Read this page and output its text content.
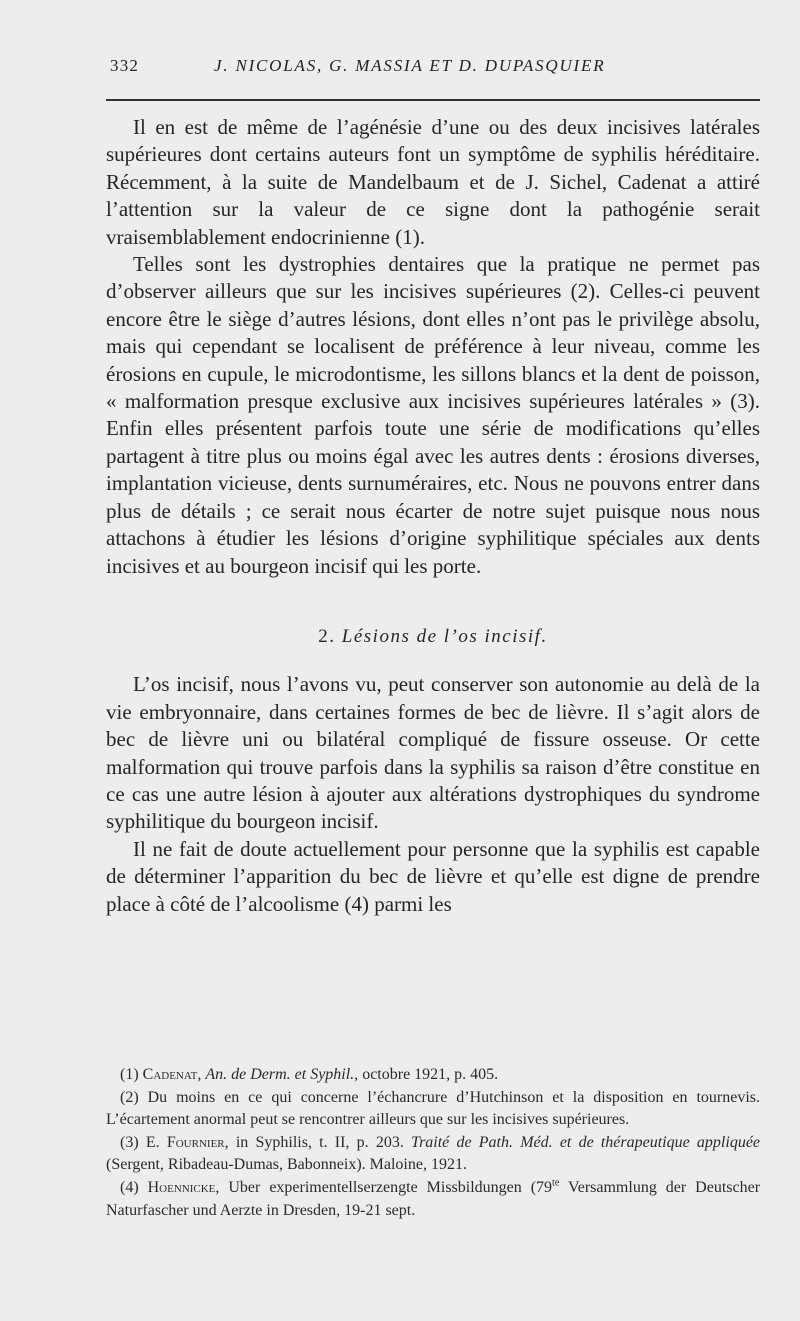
332	J. NICOLAS, G. MASSIA ET D. DUPASQUIER

Il en est de même de l’agénésie d’une ou des deux incisives latérales supérieures dont certains auteurs font un symptôme de syphilis héréditaire. Récemment, à la suite de Mandelbaum et de J. Sichel, Cadenat a attiré l’attention sur la valeur de ce signe dont la pathogénie serait vraisemblablement endocrinienne (1).

Telles sont les dystrophies dentaires que la pratique ne permet pas d’observer ailleurs que sur les incisives supérieures (2). Celles-ci peuvent encore être le siège d’autres lésions, dont elles n’ont pas le privilège absolu, mais qui cependant se localisent de préférence à leur niveau, comme les érosions en cupule, le microdontisme, les sillons blancs et la dent de poisson, « malformation presque exclusive aux incisives supérieures latérales » (3). Enfin elles présentent parfois toute une série de modifications qu’elles partagent à titre plus ou moins égal avec les autres dents : érosions diverses, implantation vicieuse, dents surnuméraires, etc. Nous ne pouvons entrer dans plus de détails ; ce serait nous écarter de notre sujet puisque nous nous attachons à étudier les lésions d’origine syphilitique spéciales aux dents incisives et au bourgeon incisif qui les porte.

2. Lésions de l’os incisif.

L’os incisif, nous l’avons vu, peut conserver son autonomie au delà de la vie embryonnaire, dans certaines formes de bec de lièvre. Il s’agit alors de bec de lièvre uni ou bilatéral compliqué de fissure osseuse. Or cette malformation qui trouve parfois dans la syphilis sa raison d’être constitue en ce cas une autre lésion à ajouter aux altérations dystrophiques du syndrome syphilitique du bourgeon incisif.

Il ne fait de doute actuellement pour personne que la syphilis est capable de déterminer l’apparition du bec de lièvre et qu’elle est digne de prendre place à côté de l’alcoolisme (4) parmi les

(1) Cadenat, An. de Derm. et Syphil., octobre 1921, p. 405.

(2) Du moins en ce qui concerne l’échancrure d’Hutchinson et la disposition en tournevis. L’écartement anormal peut se rencontrer ailleurs que sur les incisives supérieures.

(3) E. Fournier, in Syphilis, t. II, p. 203. Traité de Path. Méd. et de thérapeutique appliquée (Sergent, Ribadeau-Dumas, Babonneix). Maloine, 1921.

(4) Hoennicke, Uber experimentellserzengte Missbildungen ($79^{te}$ Versammlung der Deutscher Naturfascher und Aerzte in Dresden, 19-21 sept.
